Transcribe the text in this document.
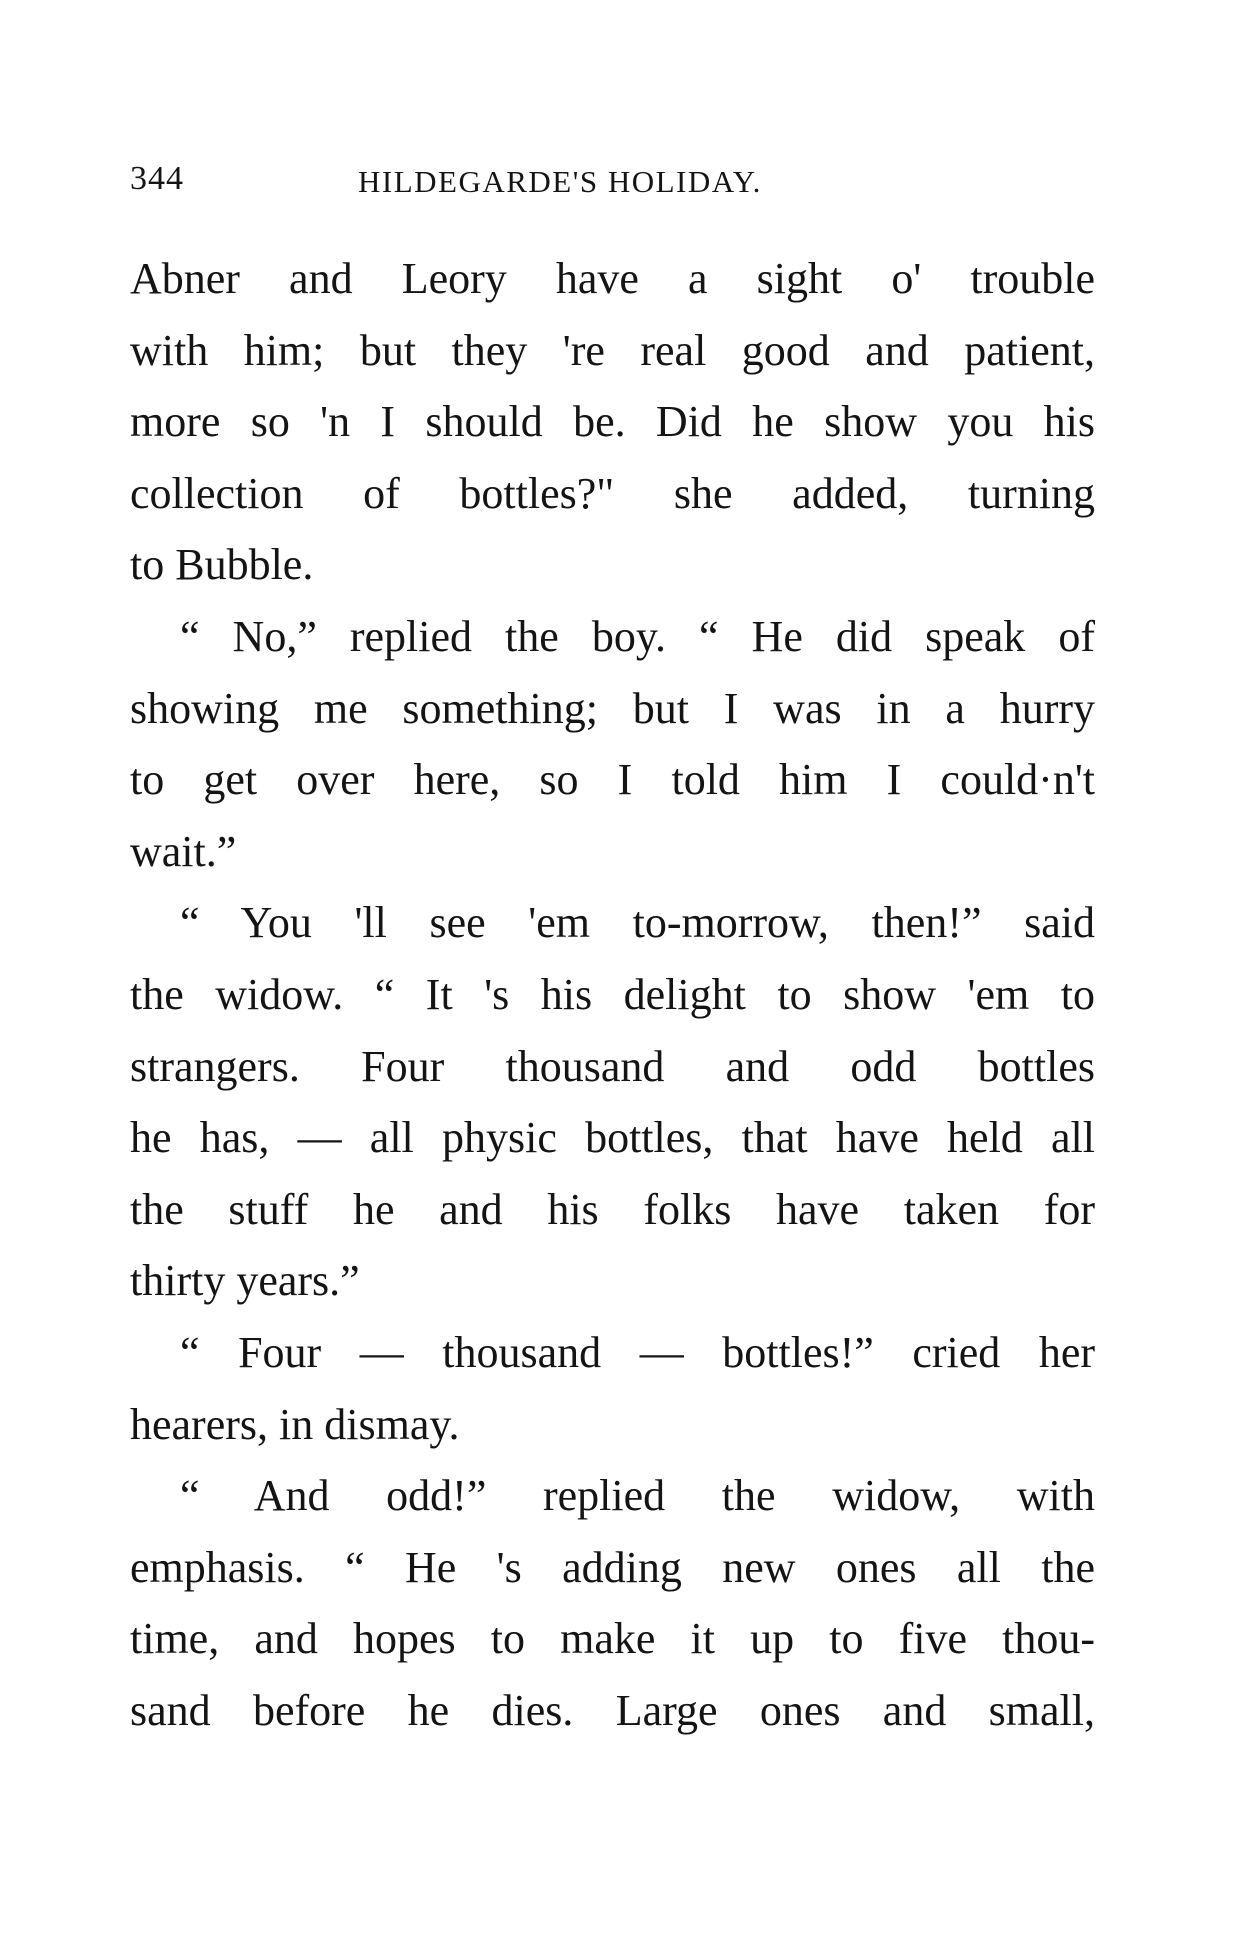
344	HILDEGARDE'S HOLIDAY.
Abner and Leory have a sight o' trouble
with him; but they 're real good and patient,
more so 'n I should be. Did he show you his
collection of bottles?" she added, turning
to Bubble.
“ No,” replied the boy. “ He did speak of
showing me something; but I was in a hurry
to get over here, so I told him I could·n't
wait.”
“ You 'll see 'em to-morrow, then!” said
the widow. “ It 's his delight to show 'em to
strangers. Four thousand and odd bottles
he has, — all physic bottles, that have held all
the stuff he and his folks have taken for
thirty years.”
“ Four — thousand — bottles!” cried her
hearers, in dismay.
“ And odd!” replied the widow, with
emphasis. “ He 's adding new ones all the
time, and hopes to make it up to five thou-
sand before he dies. Large ones and small,
